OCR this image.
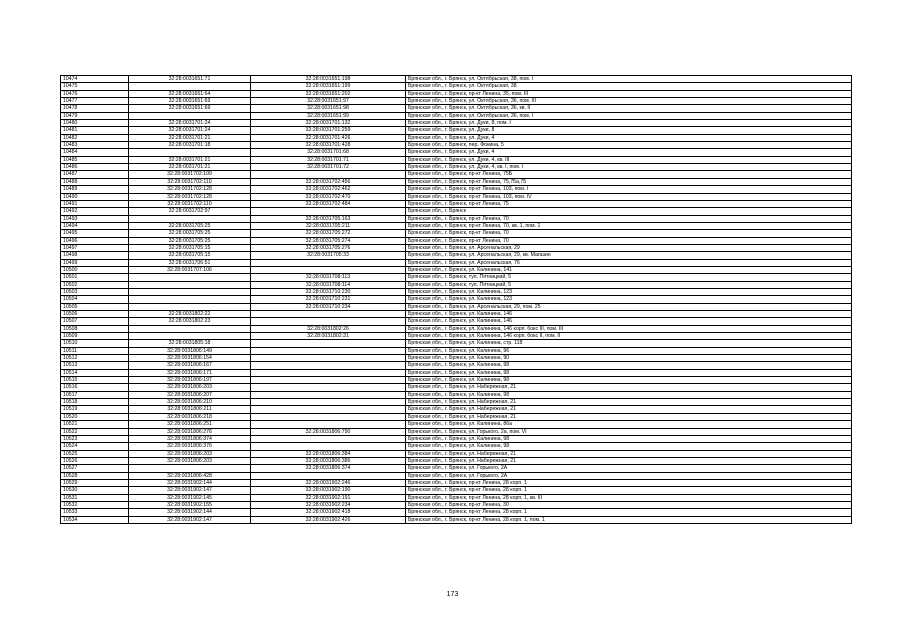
10474	32:28:0031651:71	32:28:0031651:198	Брянская обл., г. Брянск, ул. Октябрьская, 38, пом. I
10475		32:28:0031651:199	Брянская обл., г. Брянск, ул. Октябрьская, 38
10476	32:28:0031651:64	32:28:0031651:202	Брянская обл., г. Брянск, пр-кт Ленина, 35, пом. III
10477	32:28:0031651:69	32:28:0031651:97	Брянская обл., г. Брянск, ул. Октябрьская, 36, пом. III
10478	32:28:0031651:69	32:28:0031651:98	Брянская обл., г. Брянск, ул. Октябрьская, 36, кв. II
10479		32:28:0031651:99	Брянская обл., г. Брянск, ул. Октябрьская, 36, пом. I
10480	32:28:0031701:24	32:28:0031701:132	Брянская обл., г. Брянск, ул. Дуки, 8, пом. I
10481	32:28:0031701:24	32:28:0031701:259	Брянская обл., г. Брянск, ул. Дуки, 8
10482	32:28:0031701:21	32:28:0031701:426	Брянская обл., г. Брянск, ул. Дуки, 4
10483	32:28:0031701:18	32:28:0031701:428	Брянская обл., г. Брянск, пер. Фокина, 5
10484		32:28:0031701:68	Брянская обл., г. Брянск, ул. Дуки, 4
10485	32:28:0031701:21	32:28:0031701:71	Брянская обл., г. Брянск, ул. Дуки, 4, кв. III
10486	32:28:0031701:21	32:28:0031701:72	Брянская обл., г. Брянск, ул. Дуки, 4, кв. I, пом. I
10487	32:28:0031702:109		Брянская обл., г. Брянск, пр-кт Ленина, 75Б
10488	32:28:0031702:110	32:28:0031702:456	Брянская обл., г. Брянск, пр-кт Ленина, 75,75а,75
10489	32:28:0031702:128	32:28:0031702:462	Брянская обл., г. Брянск, пр-кт Ленина, 103, пом. I
10490	32:28:0031702:128	32:28:0031702:470	Брянская обл., г. Брянск, пр-кт Ленина, 103, пом. IV
10491	32:28:0031702:110	32:28:0031702:484	Брянская обл., г. Брянск, пр-кт Ленина, 75
10492	32:28:0031702:97		Брянская обл., г. Брянск
10493		32:28:0031705:163	Брянская обл., г. Брянск, пр-кт Ленина, 70
10494	32:28:0031705:25	32:28:0031705:211	Брянская обл., г. Брянск, пр-кт Ленина, 70, кв. 1, пом. 1
10495	32:28:0031705:25	32:28:0031705:272	Брянская обл., г. Брянск, пр-кт Ленина, 70
10496	32:28:0031705:25	32:28:0031705:274	Брянская обл., г. Брянск, пр-кт Ленина, 70
10497	32:28:0031705:15	32:28:0031705:276	Брянская обл., г. Брянск, ул. Арсенальская, 29
10498	32:28:0031705:15	32:28:0031705:33	Брянская обл., г. Брянск, ул. Арсенальская, 29, кв. Магазин
10499	32:28:0031706:51		Брянская обл., г. Брянск, ул. Арсенальская, 76
10500	32:28:0031707:106		Брянская обл., г. Брянск, ул. Калинина, 141
10501		32:28:0031708:113	Брянская обл., г. Брянск, туп. Пятницкий, 5
10502		32:28:0031708:114	Брянская обл., г. Брянск, туп. Пятницкий, 5
10503		32:28:0031710:230	Брянская обл., г. Брянск, ул. Калинина, 123
10504		32:28:0031710:231	Брянская обл., г. Брянск, ул. Калинина, 123
10505		32:28:0031710:234	Брянская обл., г. Брянск, ул. Арсенальская, 29, пом. 25
10506	32:28:0031802:22		Брянская обл., г. Брянск, ул. Калинина, 146
10507	32:28:0031802:23		Брянская обл., г. Брянск, ул. Калинина, 146
10508		32:28:0031802:26	Брянская обл., г. Брянск, ул. Калинина, 146 корп. бокс III, пом. III
10509		32:28:0031802:31	Брянская обл., г. Брянск, ул. Калинина, 146 корп. бокс II, пом. II
10510	32:28:0031805:18		Брянская обл., г. Брянск, ул. Калинина, стр. 118
10511	32:28:0031806:149		Брянская обл., г. Брянск, ул. Калинина, 96
10512	32:28:0031806:154		Брянская обл., г. Брянск, ул. Калинина, 90
10513	32:28:0031806:167		Брянская обл., г. Брянск, ул. Калинина, 98
10514	32:28:0031806:171		Брянская обл., г. Брянск, ул. Калинина, 98
10515	32:28:0031806:197		Брянская обл., г. Брянск, ул. Калинина, 98
10516	32:28:0031806:203		Брянская обл., г. Брянск, ул. Набережная, 21
10517	32:28:0031806:207		Брянская обл., г. Брянск, ул. Калинина, 98
10518	32:28:0031806:210		Брянская обл., г. Брянск, ул. Набережная, 21
10519	32:28:0031806:211		Брянская обл., г. Брянск, ул. Набережная, 21
10520	32:28:0031806:218		Брянская обл., г. Брянск, ул. Набережная, 21
10521	32:28:0031806:251		Брянская обл., г. Брянск, ул. Калинина, 86а
10522	32:28:0031806:276	32:28:0031806:790	Брянская обл., г. Брянск, ул. Горького, 2а, пом. VI
10523	32:28:0031806:374		Брянская обл., г. Брянск, ул. Калинина, 98
10524	32:28:0031806:376		Брянская обл., г. Брянск, ул. Калинина, 98
10525	32:28:0031806:203	32:28:0031806:384	Брянская обл., г. Брянск, ул. Набережная, 21
10526	32:28:0031806:203	32:28:0031806:386	Брянская обл., г. Брянск, ул. Набережная, 21
10527		32:28:0031806:374	Брянская обл., г. Брянск, ул. Горького, 2А
10528	32:28:0031806:428		Брянская обл., г. Брянск, ул. Горького, 2А
10529	32:28:0031902:144	32:28:0031902:246	Брянская обл., г. Брянск, пр-кт Ленина, 28 корп. 1
10530	32:28:0031902:147	32:28:0031902:190	Брянская обл., г. Брянск, пр-кт Ленина, 28 корп. 1
10531	32:28:0031902:145	32:28:0031902:191	Брянская обл., г. Брянск, пр-кт Ленина, 28 корп. 1, кв. III
10532	32:28:0031902:155	32:28:0031902:234	Брянская обл., г. Брянск, пр-кт Ленина, 30
10533	32:28:0031902:144	32:28:0031902:418	Брянская обл., г. Брянск, пр-кт Ленина, 28 корп. 1
10534	32:28:0031902:147	32:28:0031902:426	Брянская обл., г. Брянск, пр-кт Ленина, 28 корп. 1, пом. 1
173
